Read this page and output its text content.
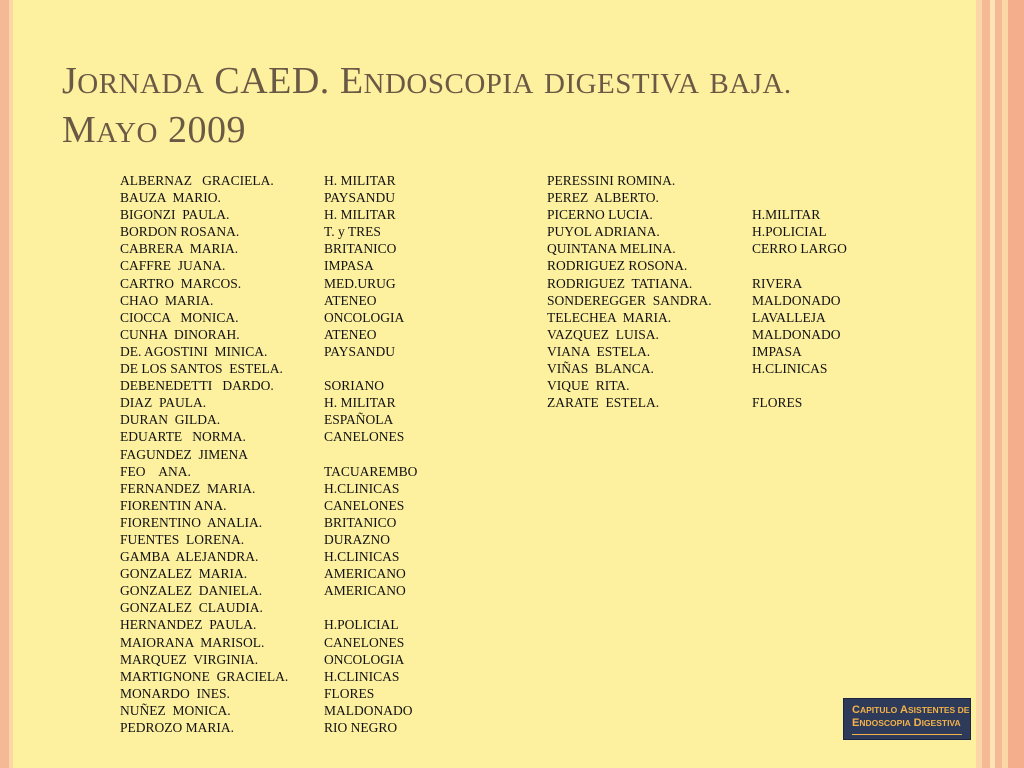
JORNADA CAED. ENDOSCOPIA DIGESTIVA BAJA.
MAYO 2009
ALBERNAZ   GRACIELA.
BAUZA  MARIO.
BIGONZI  PAULA.
BORDON ROSANA.
CABRERA  MARIA.
CAFFRE  JUANA.
CARTRO  MARCOS.
CHAO  MARIA.
CIOCCA   MONICA.
CUNHA  DINORAH.
DE. AGOSTINI  MINICA.
DE LOS SANTOS  ESTELA.
DEBENEDETTI   DARDO.
DIAZ  PAULA.
DURAN  GILDA.
EDUARTE   NORMA.
FAGUNDEZ  JIMENA
FEO    ANA.
FERNANDEZ  MARIA.
FIORENTIN ANA.
FIORENTINO  ANALIA.
FUENTES  LORENA.
GAMBA  ALEJANDRA.
GONZALEZ  MARIA.
GONZALEZ  DANIELA.
GONZALEZ  CLAUDIA.
HERNANDEZ  PAULA.
MAIORANA  MARISOL.
MARQUEZ  VIRGINIA.
MARTIGNONE  GRACIELA.
MONARDO  INES.
NUÑEZ  MONICA.
PEDROZO MARIA.
H. MILITAR
PAYSANDU
H. MILITAR
T. y TRES
BRITANICO
IMPASA
MED.URUG
ATENEO
ONCOLOGIA
ATENEO
PAYSANDU
SORIANO
H. MILITAR
ESPAÑOLA
CANELONES
TACUAREMBO
H.CLINICAS
CANELONES
BRITANICO
DURAZNO
H.CLINICAS
AMERICANO
AMERICANO
H.POLICIAL
CANELONES
ONCOLOGIA
H.CLINICAS
FLORES
MALDONADO
RIO NEGRO
PERESSINI ROMINA.
PEREZ  ALBERTO.
PICERNO LUCIA.
PUYOL ADRIANA.
QUINTANA MELINA.
RODRIGUEZ ROSONA.
RODRIGUEZ  TATIANA.
SONDEREGGER  SANDRA.
TELECHEA  MARIA.
VAZQUEZ  LUISA.
VIANA  ESTELA.
VIÑAS  BLANCA.
VIQUE  RITA.
ZARATE  ESTELA.
H.MILITAR
H.POLICIAL
CERRO LARGO
RIVERA
MALDONADO
LAVALLEJA
MALDONADO
IMPASA
H.CLINICAS
FLORES
CAPITULO ASISTENTES DE
ENDOSCOPIA DIGESTIVA
